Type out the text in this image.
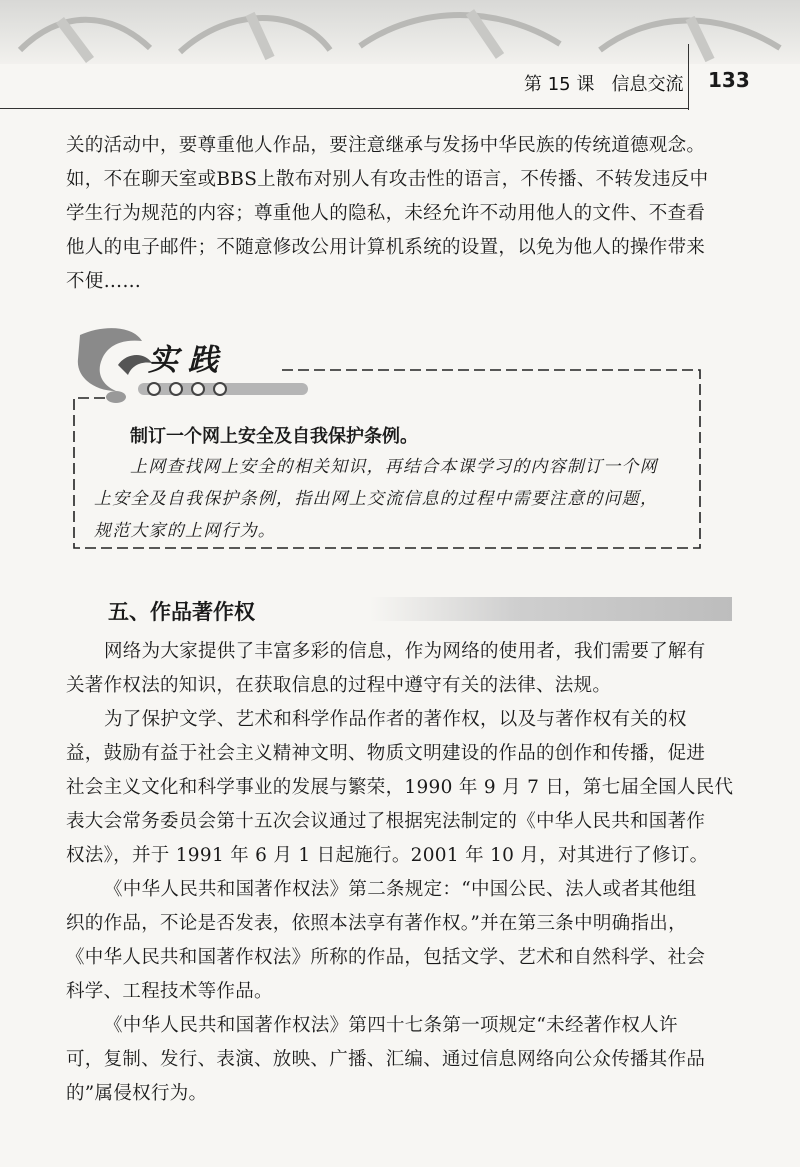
第 15 课 信息交流 133
关的活动中，要尊重他人作品，要注意继承与发扬中华民族的传统道德观念。
如，不在聊天室或BBS上散布对别人有攻击性的语言，不传播、不转发违反中
学生行为规范的内容；尊重他人的隐私，未经允许不动用他人的文件、不查看
他人的电子邮件；不随意修改公用计算机系统的设置，以免为他人的操作带来
不便……
实践
制订一个网上安全及自我保护条例。
上网查找网上安全的相关知识，再结合本课学习的内容制订一个网
上安全及自我保护条例，指出网上交流信息的过程中需要注意的问题，
规范大家的上网行为。
五、作品著作权
网络为大家提供了丰富多彩的信息，作为网络的使用者，我们需要了解有
关著作权法的知识，在获取信息的过程中遵守有关的法律、法规。
为了保护文学、艺术和科学作品作者的著作权，以及与著作权有关的权
益，鼓励有益于社会主义精神文明、物质文明建设的作品的创作和传播，促进
社会主义文化和科学事业的发展与繁荣，1990 年 9 月 7 日，第七届全国人民代
表大会常务委员会第十五次会议通过了根据宪法制定的《中华人民共和国著作
权法》，并于 1991 年 6 月 1 日起施行。2001 年 10 月，对其进行了修订。
《中华人民共和国著作权法》第二条规定：“中国公民、法人或者其他组
织的作品，不论是否发表，依照本法享有著作权。”并在第三条中明确指出，
《中华人民共和国著作权法》所称的作品，包括文学、艺术和自然科学、社会
科学、工程技术等作品。
《中华人民共和国著作权法》第四十七条第一项规定“未经著作权人许
可，复制、发行、表演、放映、广播、汇编、通过信息网络向公众传播其作品
的”属侵权行为。
